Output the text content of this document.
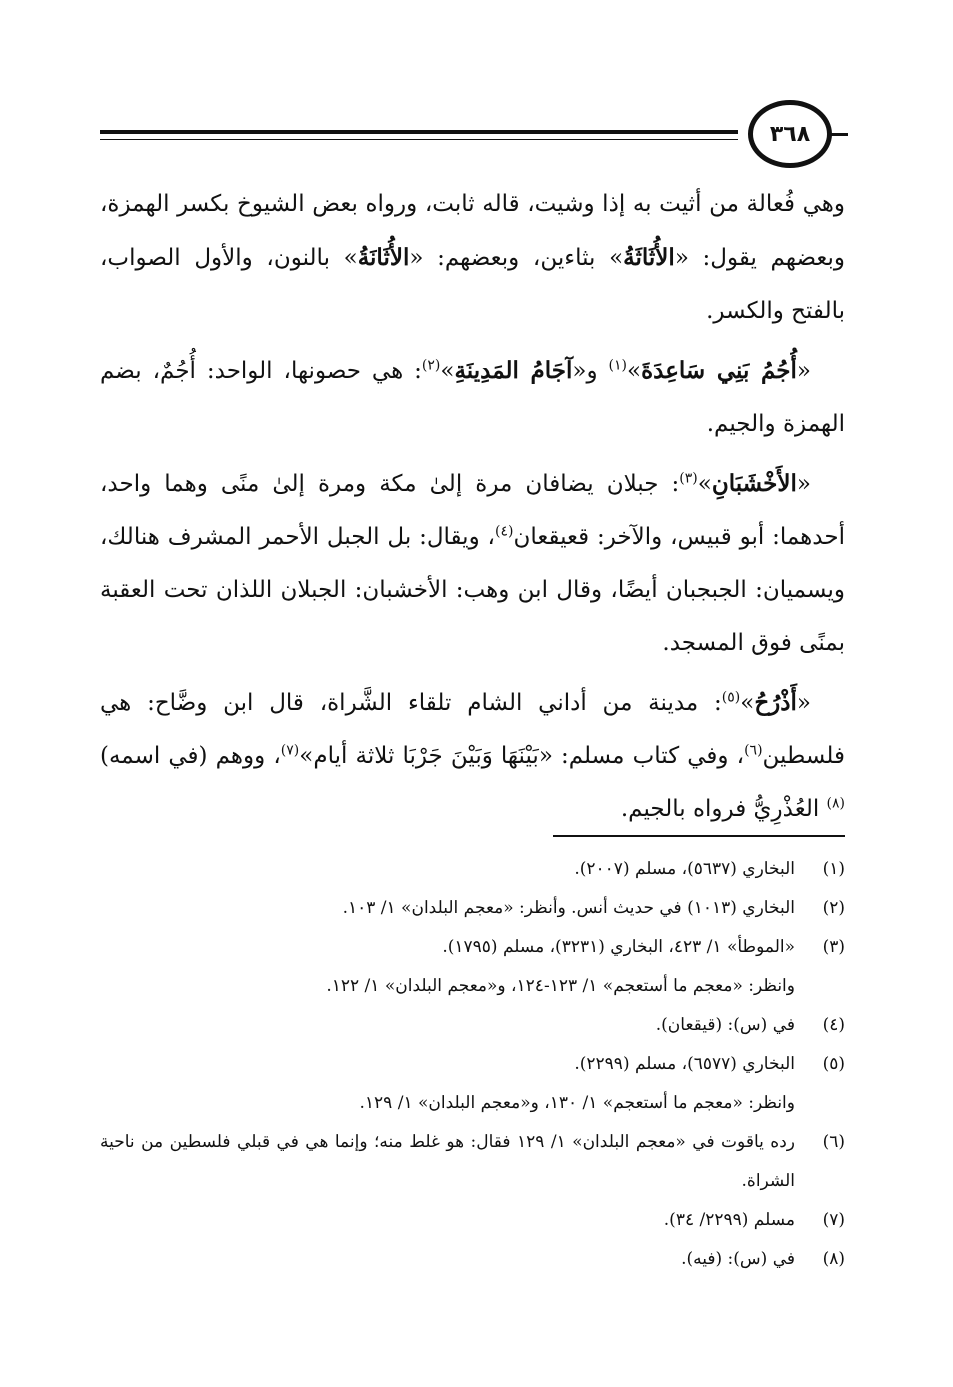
٣٦٨

وهي فُعالة من أثيت به إذا وشيت، قاله ثابت، ورواه بعض الشيوخ بكسر الهمزة، وبعضهم يقول: «الأُثَاثَةُ» بثاءين، وبعضهم: «الأُثَانَةُ» بالنون، والأول الصواب، بالفتح والكسر.

«أُجُمُ بَنِي سَاعِدَةَ»$^{(١)}$ و«آجَامُ المَدِينَةِ»$^{(٢)}$: هي حصونها، الواحد: أُجُمٌ، بضم الهمزة والجيم.

«الأَخْشَبَانِ»$^{(٣)}$: جبلان يضافان مرة إلىٰ مكة ومرة إلىٰ منًى وهما واحد، أحدهما: أبو قبيس، والآخر: قعيقعان$^{(٤)}$، ويقال: بل الجبل الأحمر المشرف هنالك، ويسميان: الجبجبان أيضًا، وقال ابن وهب: الأخشبان: الجبلان اللذان تحت العقبة بمنًى فوق المسجد.

«أَذْرُحُ»$^{(٥)}$: مدينة من أداني الشام تلقاء الشَّراة، قال ابن وضَّاح: هي فلسطين$^{(٦)}$، وفي كتاب مسلم: «بَيْنَهَا وَبَيْنَ جَرْبَا ثلاثة أيام»$^{(٧)}$، ووهم (في اسمه)$^{(٨)}$ العُذْرِيُّ فرواه بالجيم.

(١)
البخاري (٥٦٣٧)، مسلم (٢٠٠٧).
(٢)
البخاري (١٠١٣) في حديث أنس. وأنظر: «معجم البلدان» ١/ ١٠٣.
(٣)
«الموطأ» ١/ ٤٢٣، البخاري (٣٢٣١)، مسلم (١٧٩٥).
وانظر: «معجم ما أستعجم» ١/ ١٢٣-١٢٤، و«معجم البلدان» ١/ ١٢٢.
(٤)
في (س): (قيقعان).
(٥)
البخاري (٦٥٧٧)، مسلم (٢٢٩٩).
وانظر: «معجم ما أستعجم» ١/ ١٣٠، و«معجم البلدان» ١/ ١٢٩.
(٦)
رده ياقوت في «معجم البلدان» ١/ ١٢٩ فقال: هو غلط منه؛ وإنما هي في قبلي فلسطين من ناحية الشراة.
(٧)
مسلم (٢٢٩٩/ ٣٤).
(٨)
في (س): (فيه).
